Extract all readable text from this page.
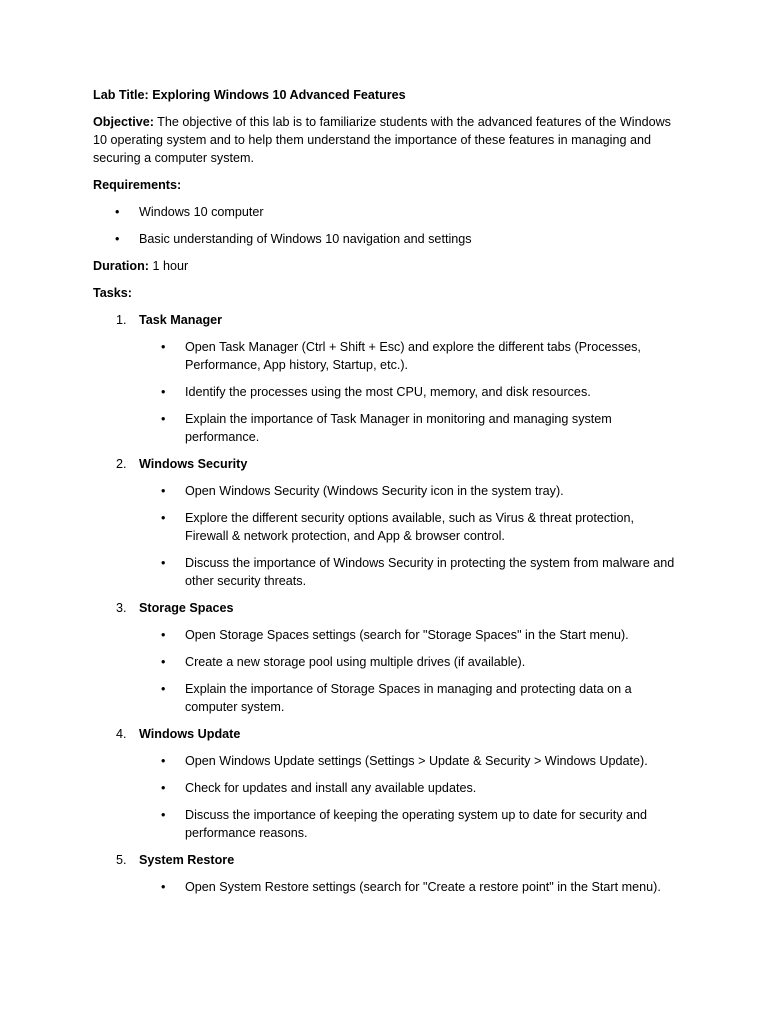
Lab Title: Exploring Windows 10 Advanced Features

Objective: The objective of this lab is to familiarize students with the advanced features of the Windows 10 operating system and to help them understand the importance of these features in managing and securing a computer system.

Requirements:

• Windows 10 computer
• Basic understanding of Windows 10 navigation and settings

Duration: 1 hour

Tasks:

1. Task Manager
• Open Task Manager (Ctrl + Shift + Esc) and explore the different tabs (Processes, Performance, App history, Startup, etc.).
• Identify the processes using the most CPU, memory, and disk resources.
• Explain the importance of Task Manager in monitoring and managing system performance.
2. Windows Security
• Open Windows Security (Windows Security icon in the system tray).
• Explore the different security options available, such as Virus & threat protection, Firewall & network protection, and App & browser control.
• Discuss the importance of Windows Security in protecting the system from malware and other security threats.
3. Storage Spaces
• Open Storage Spaces settings (search for "Storage Spaces" in the Start menu).
• Create a new storage pool using multiple drives (if available).
• Explain the importance of Storage Spaces in managing and protecting data on a computer system.
4. Windows Update
• Open Windows Update settings (Settings > Update & Security > Windows Update).
• Check for updates and install any available updates.
• Discuss the importance of keeping the operating system up to date for security and performance reasons.
5. System Restore
• Open System Restore settings (search for "Create a restore point" in the Start menu).
